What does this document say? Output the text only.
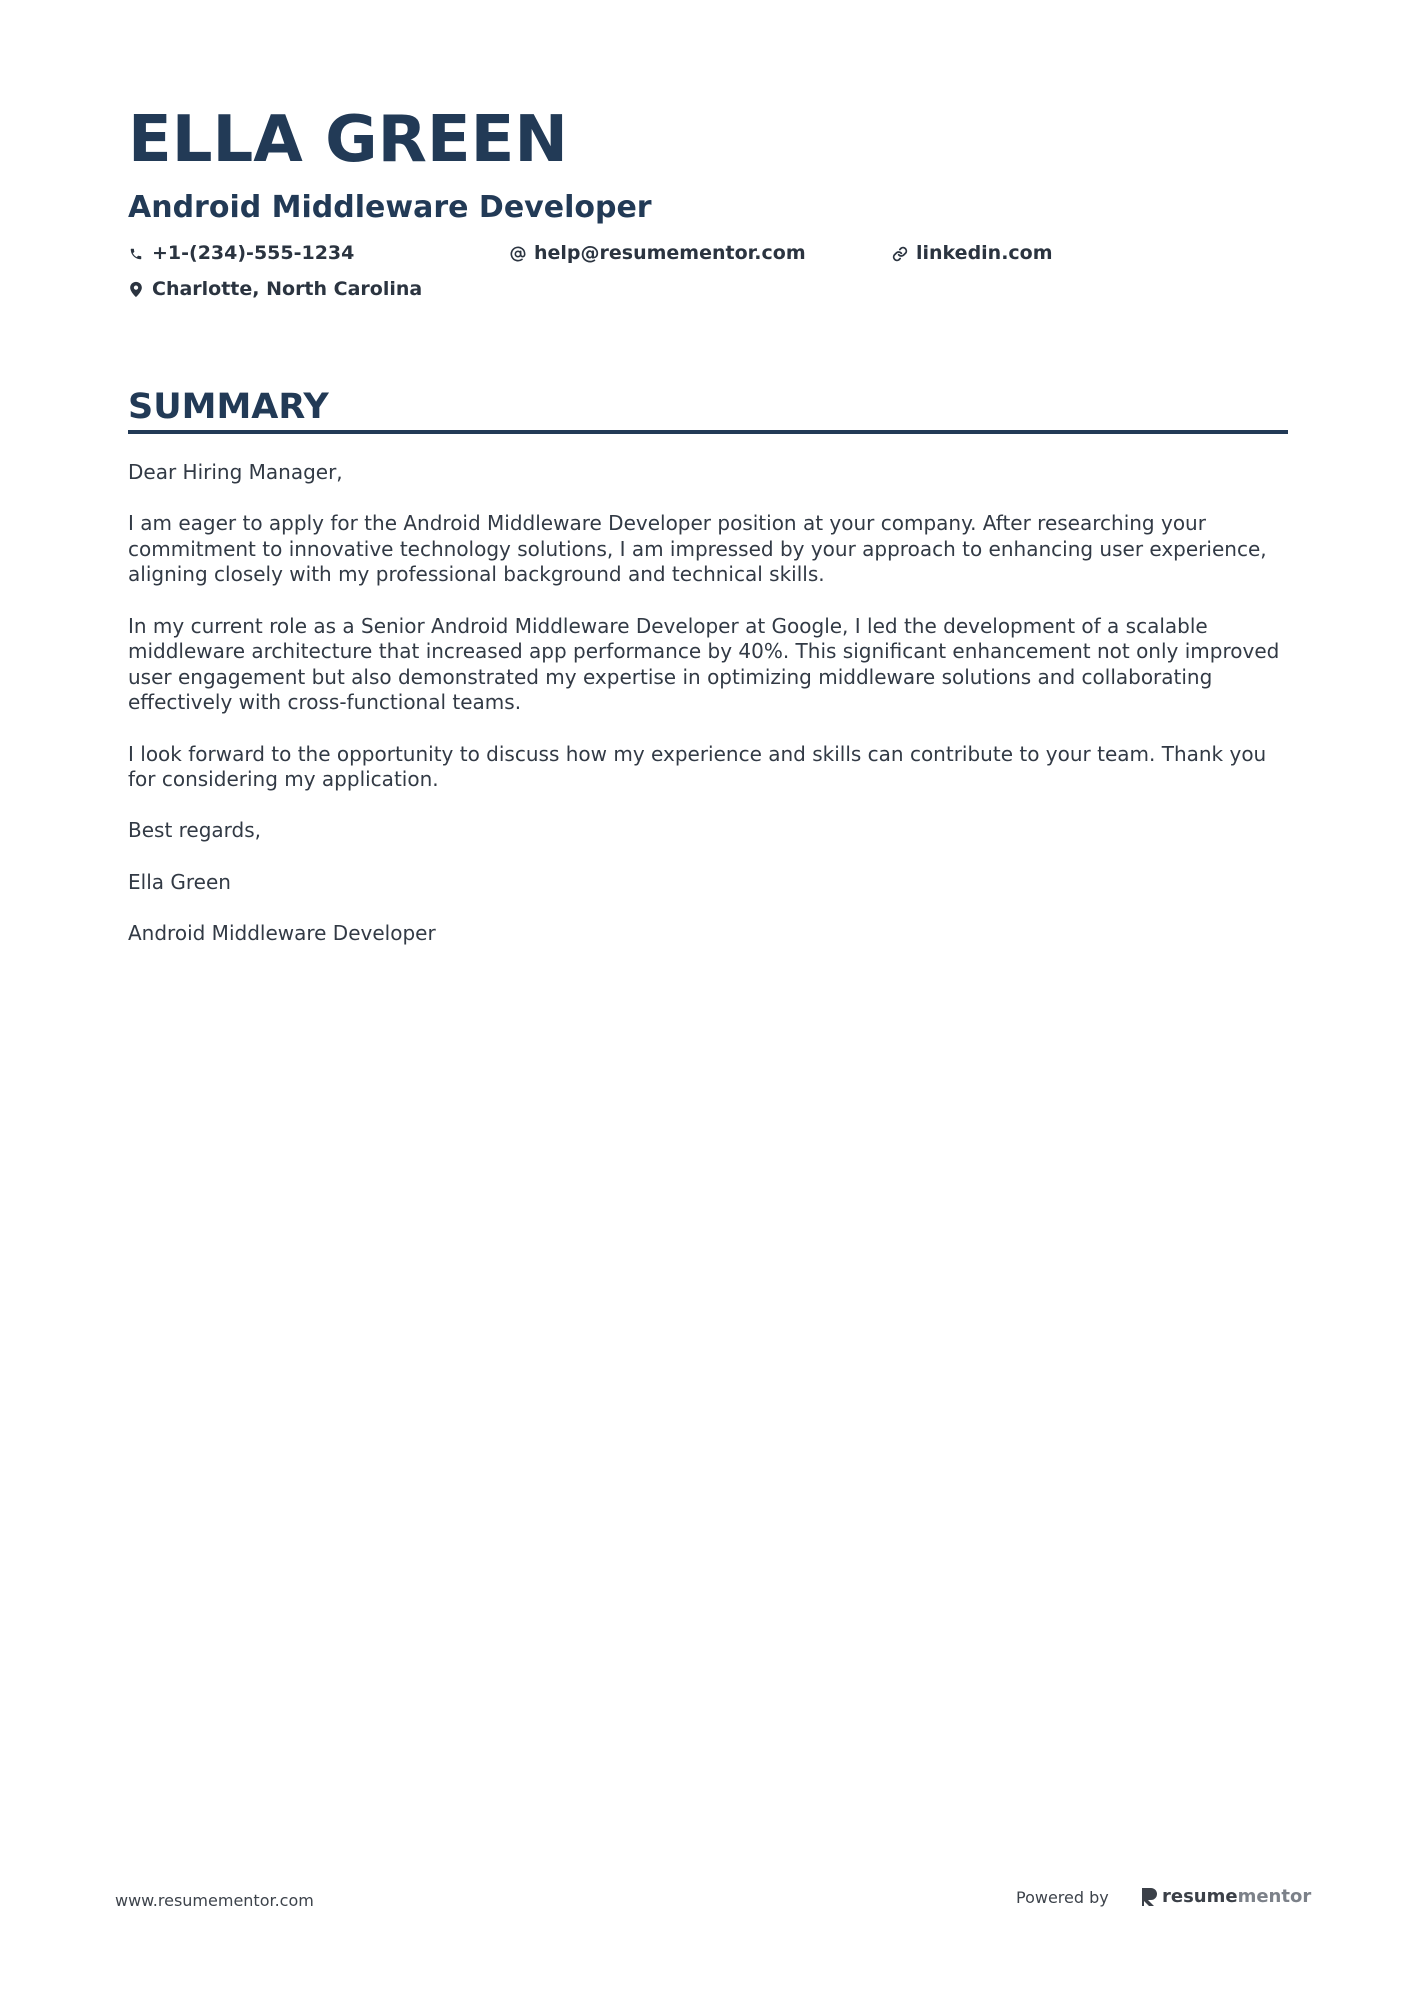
ELLA GREEN
Android Middleware Developer
+1-(234)-555-1234	help@resumementor.com	linkedin.com
Charlotte, North Carolina
SUMMARY

Dear Hiring Manager,

I am eager to apply for the Android Middleware Developer position at your company. After researching your commitment to innovative technology solutions, I am impressed by your approach to enhancing user experience, aligning closely with my professional background and technical skills.

In my current role as a Senior Android Middleware Developer at Google, I led the development of a scalable middleware architecture that increased app performance by 40%. This significant enhancement not only improved user engagement but also demonstrated my expertise in optimizing middleware solutions and collaborating effectively with cross-functional teams.

I look forward to the opportunity to discuss how my experience and skills can contribute to your team. Thank you for considering my application.

Best regards,

Ella Green

Android Middleware Developer

www.resumementor.com	Powered by	resume mentor
